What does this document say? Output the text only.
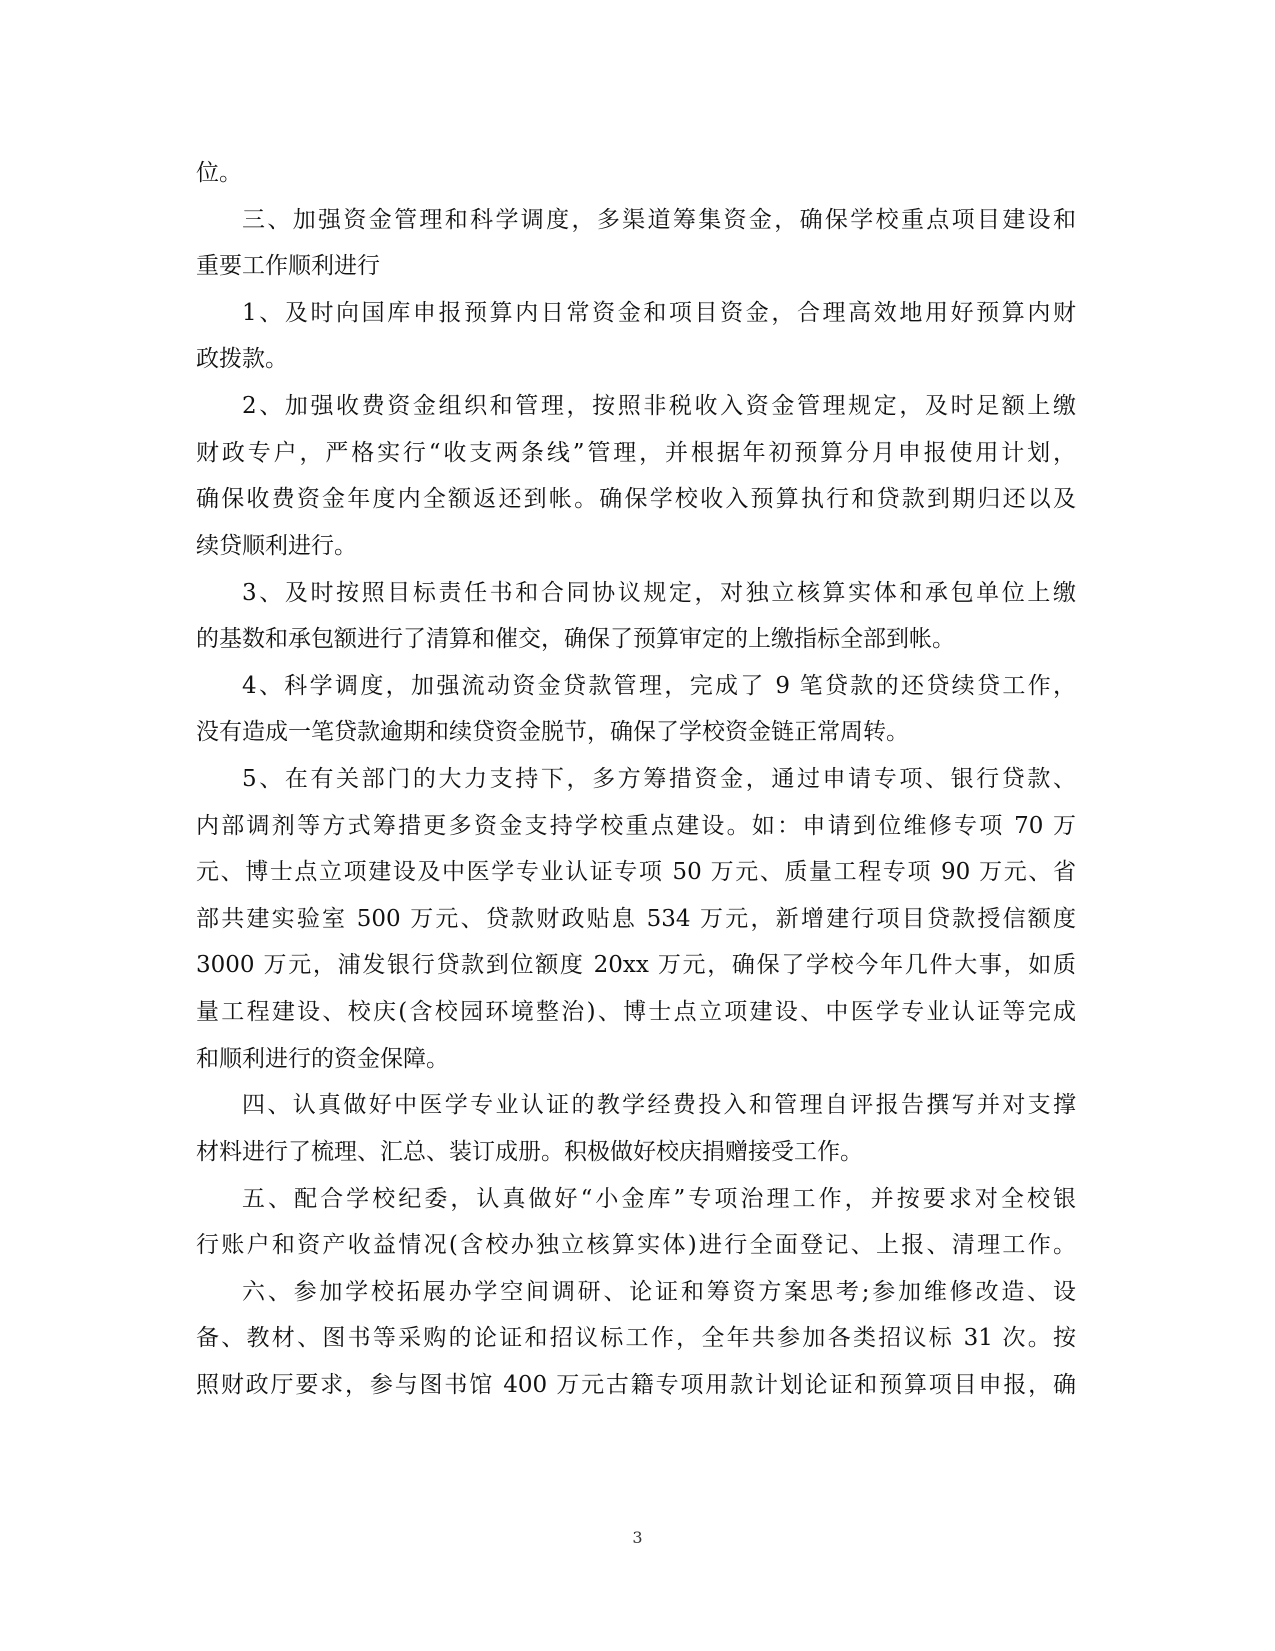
位。
三、加强资金管理和科学调度，多渠道筹集资金，确保学校重点项目建设和
重要工作顺利进行
1、及时向国库申报预算内日常资金和项目资金，合理高效地用好预算内财
政拨款。
2、加强收费资金组织和管理，按照非税收入资金管理规定，及时足额上缴
财政专户，严格实行“收支两条线”管理，并根据年初预算分月申报使用计划，
确保收费资金年度内全额返还到帐。确保学校收入预算执行和贷款到期归还以及
续贷顺利进行。
3、及时按照目标责任书和合同协议规定，对独立核算实体和承包单位上缴
的基数和承包额进行了清算和催交，确保了预算审定的上缴指标全部到帐。
4、科学调度，加强流动资金贷款管理，完成了 9 笔贷款的还贷续贷工作，
没有造成一笔贷款逾期和续贷资金脱节，确保了学校资金链正常周转。
5、在有关部门的大力支持下，多方筹措资金，通过申请专项、银行贷款、
内部调剂等方式筹措更多资金支持学校重点建设。如：申请到位维修专项 70 万
元、博士点立项建设及中医学专业认证专项 50 万元、质量工程专项 90 万元、省
部共建实验室 500 万元、贷款财政贴息 534 万元，新增建行项目贷款授信额度
3000 万元，浦发银行贷款到位额度 20xx 万元，确保了学校今年几件大事，如质
量工程建设、校庆(含校园环境整治)、博士点立项建设、中医学专业认证等完成
和顺利进行的资金保障。
四、认真做好中医学专业认证的教学经费投入和管理自评报告撰写并对支撑
材料进行了梳理、汇总、装订成册。积极做好校庆捐赠接受工作。
五、配合学校纪委，认真做好“小金库”专项治理工作，并按要求对全校银
行账户和资产收益情况(含校办独立核算实体)进行全面登记、上报、清理工作。
六、参加学校拓展办学空间调研、论证和筹资方案思考;参加维修改造、设
备、教材、图书等采购的论证和招议标工作，全年共参加各类招议标 31 次。按
照财政厅要求，参与图书馆 400 万元古籍专项用款计划论证和预算项目申报，确
3
